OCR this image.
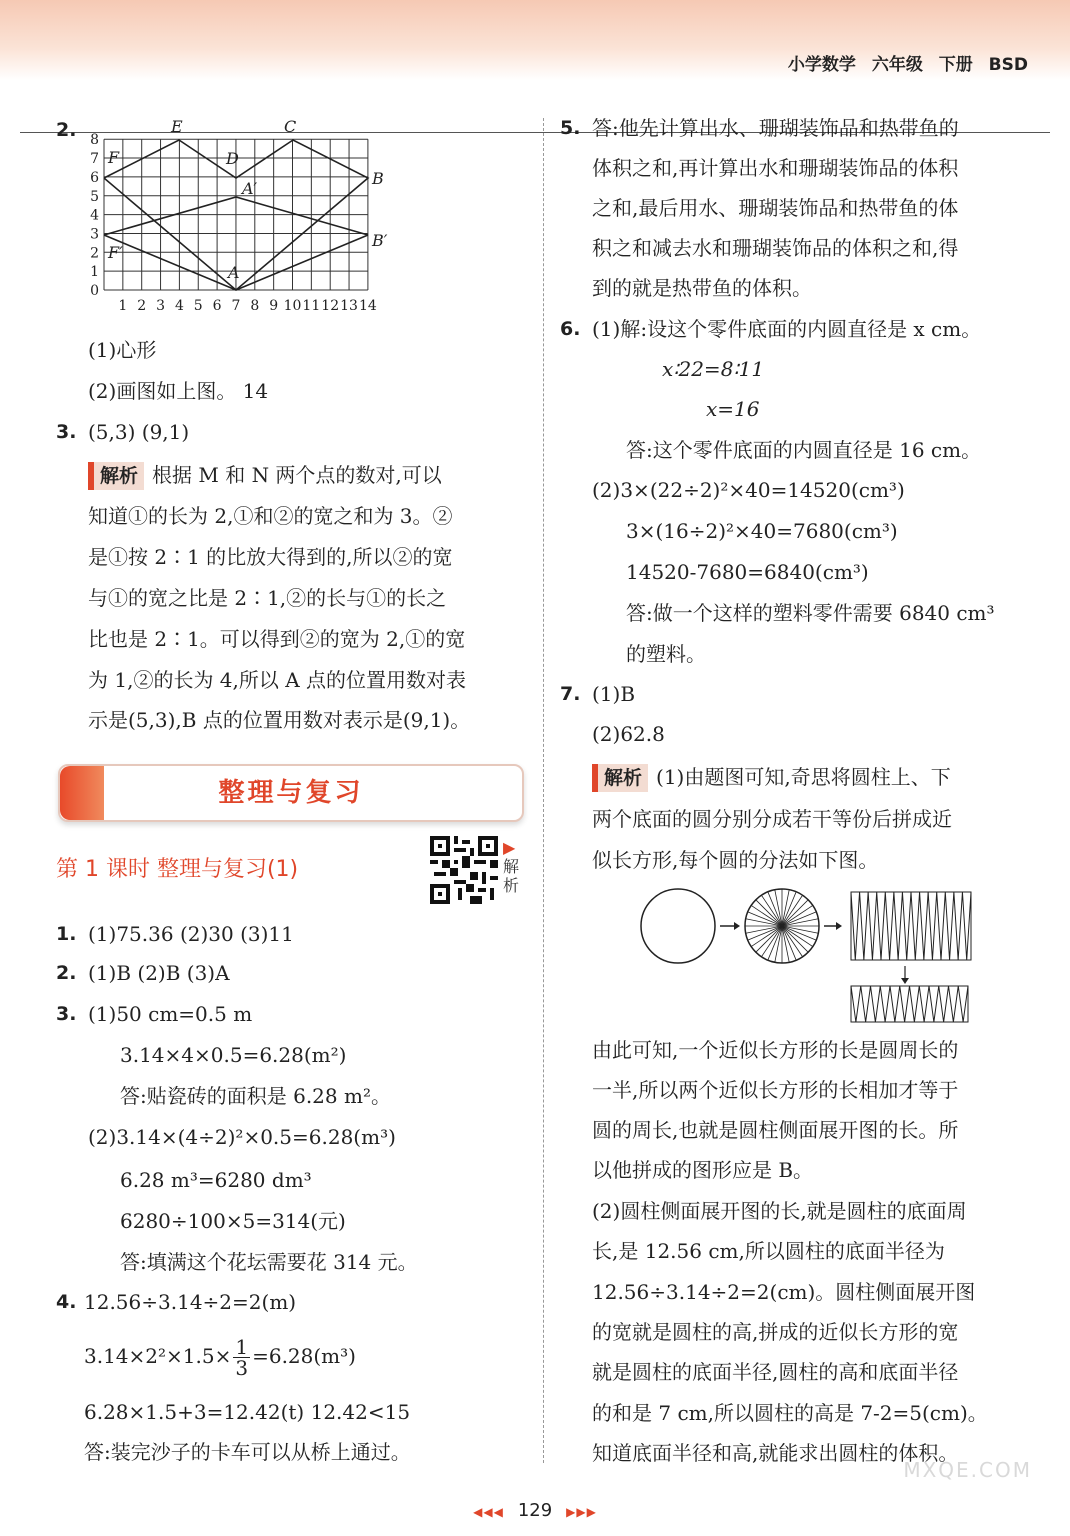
小学数学 六年级 下册 BSD
2.	E	C
F	D
A′
B
F′
B′
A
0
1
2
3
4
5
6
7
8
1 2 3 4 5 6 7 8 9 10 11 12 13 14
(1)心形
(2)画图如上图。 14
3. (5,3) (9,1)
解析 根据 M 和 N 两个点的数对,可以
知道①的长为 2,①和②的宽之和为 3。②
是①按 2∶1 的比放大得到的,所以②的宽
与①的宽之比是 2∶1,②的长与①的长之
比也是 2∶1。可以得到②的宽为 2,①的宽
为 1,②的长为 4,所以 A 点的位置用数对表
示是(5,3),B 点的位置用数对表示是(9,1)。
整理与复习
第 1 课时 整理与复习(1)
▶解析
1. (1)75.36 (2)30 (3)11
2. (1)B (2)B (3)A
3. (1)50 cm=0.5 m
3.14×4×0.5=6.28(m²)
答:贴瓷砖的面积是 6.28 m²。
(2)3.14×(4÷2)²×0.5=6.28(m³)
6.28 m³=6280 dm³
6280÷100×5=314(元)
答:填满这个花坛需要花 314 元。
4. 12.56÷3.14÷2=2(m)
$3.14\times 2^2\times 1.5\times \frac{1}{3} =6.28(m^3)$
6.28×1.5+3=12.42(t) 12.42<15
答:装完沙子的卡车可以从桥上通过。
5. 答:他先计算出水、珊瑚装饰品和热带鱼的
体积之和,再计算出水和珊瑚装饰品的体积
之和,最后用水、珊瑚装饰品和热带鱼的体
积之和减去水和珊瑚装饰品的体积之和,得
到的就是热带鱼的体积。
6. (1)解:设这个零件底面的内圆直径是 x cm。
x∶22=8∶11
x=16
答:这个零件底面的内圆直径是 16 cm。
(2)3×(22÷2)²×40=14520(cm³)
3×(16÷2)²×40=7680(cm³)
14520-7680=6840(cm³)
答:做一个这样的塑料零件需要 6840 cm³
的塑料。
7. (1)B
(2)62.8
解析 (1)由题图可知,奇思将圆柱上、下
两个底面的圆分别分成若干等份后拼成近
似长方形,每个圆的分法如下图。
由此可知,一个近似长方形的长是圆周长的
一半,所以两个近似长方形的长相加才等于
圆的周长,也就是圆柱侧面展开图的长。所
以他拼成的图形应是 B。
(2)圆柱侧面展开图的长,就是圆柱的底面周
长,是 12.56 cm,所以圆柱的底面半径为
12.56÷3.14÷2=2(cm)。圆柱侧面展开图
的宽就是圆柱的高,拼成的近似长方形的宽
就是圆柱的底面半径,圆柱的高和底面半径
的和是 7 cm,所以圆柱的高是 7-2=5(cm)。
知道底面半径和高,就能求出圆柱的体积。
MXQE.COM
◀◀◀ 129 ▶▶▶
